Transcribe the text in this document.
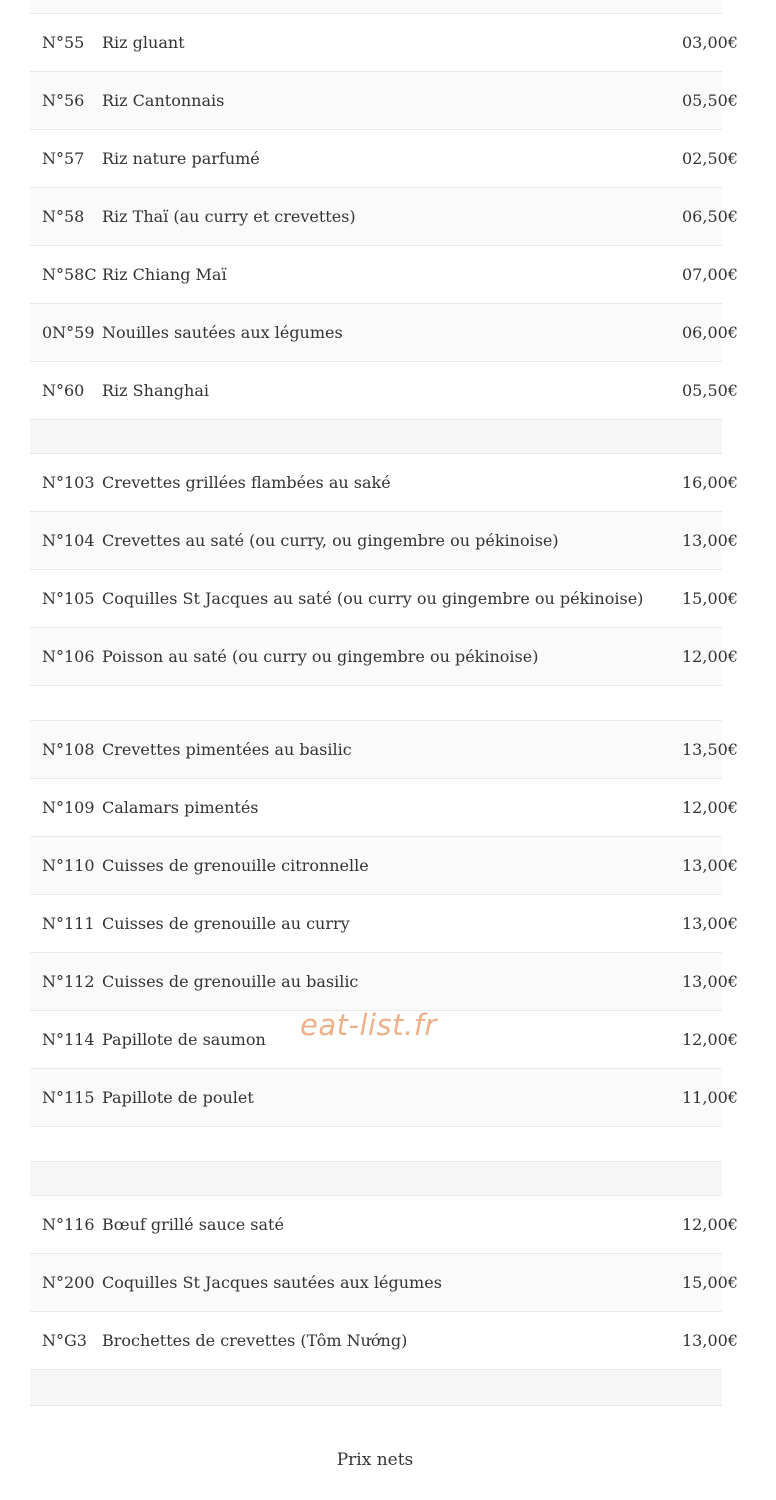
N°55 Riz gluant	03,00€
N°56 Riz Cantonnais	05,50€
N°57 Riz nature parfumé	02,50€
N°58 Riz Thaï (au curry et crevettes)	06,50€
N°58C Riz Chiang Maï	07,00€
0N°59 Nouilles sautées aux légumes	06,00€
N°60 Riz Shanghai	05,50€
N°103 Crevettes grillées flambées au saké	16,00€
N°104 Crevettes au saté (ou curry, ou gingembre ou pékinoise)	13,00€
N°105 Coquilles St Jacques au saté (ou curry ou gingembre ou pékinoise) 15,00€
N°106 Poisson au saté (ou curry ou gingembre ou pékinoise)	12,00€
N°108 Crevettes pimentées au basilic	13,50€
N°109 Calamars pimentés	12,00€
N°110 Cuisses de grenouille citronnelle	13,00€
N°111 Cuisses de grenouille au curry	13,00€
N°112 Cuisses de grenouille au basilic	13,00€
N°114 Papillote de saumon	12,00€
N°115 Papillote de poulet	11,00€
N°116 Bœuf grillé sauce saté	12,00€
N°200 Coquilles St Jacques sautées aux légumes	15,00€
N°G3 Brochettes de crevettes (Tôm Nướng)	13,00€
eat-list.fr
Prix nets
